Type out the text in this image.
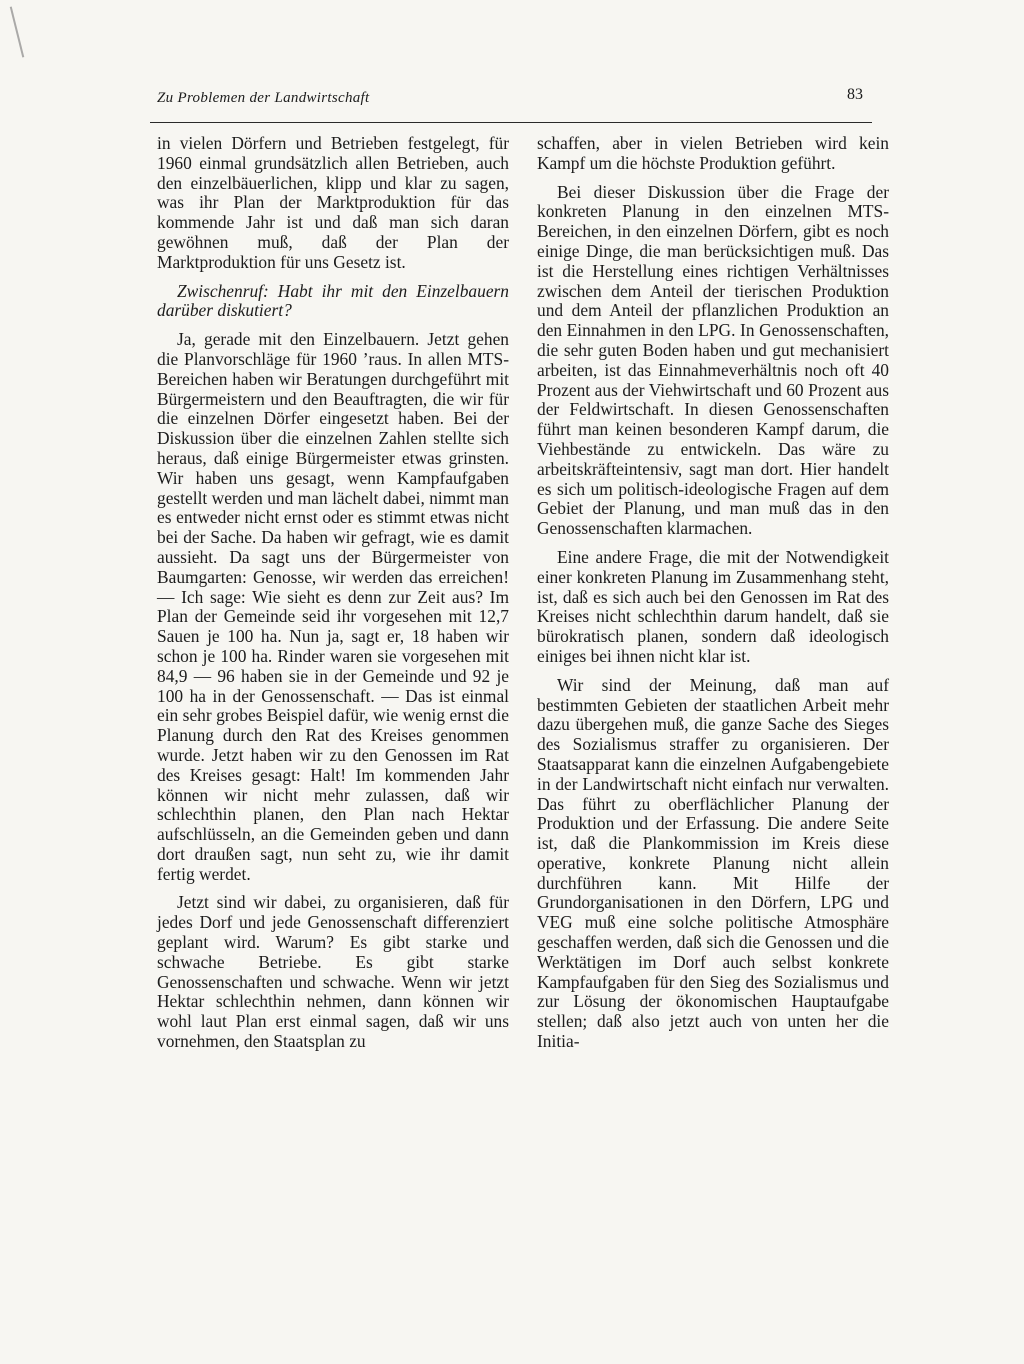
Zu Problemen der Landwirtschaft	83

in vielen Dörfern und Betrieben festgelegt, für 1960 einmal grundsätzlich allen Betrieben, auch den einzelbäuerlichen, klipp und klar zu sagen, was ihr Plan der Marktproduktion für das kommende Jahr ist und daß man sich daran gewöhnen muß, daß der Plan der Marktproduktion für uns Gesetz ist.

Zwischenruf: Habt ihr mit den Einzelbauern darüber diskutiert?

Ja, gerade mit den Einzelbauern. Jetzt gehen die Planvorschläge für 1960 ’raus. In allen MTS-Bereichen haben wir Beratungen durchgeführt mit Bürgermeistern und den Beauftragten, die wir für die einzelnen Dörfer eingesetzt haben. Bei der Diskussion über die einzelnen Zahlen stellte sich heraus, daß einige Bürgermeister etwas grinsten. Wir haben uns gesagt, wenn Kampfaufgaben gestellt werden und man lächelt dabei, nimmt man es entweder nicht ernst oder es stimmt etwas nicht bei der Sache. Da haben wir gefragt, wie es damit aussieht. Da sagt uns der Bürgermeister von Baumgarten: Genosse, wir werden das erreichen! — Ich sage: Wie sieht es denn zur Zeit aus? Im Plan der Gemeinde seid ihr vorgesehen mit 12,7 Sauen je 100 ha. Nun ja, sagt er, 18 haben wir schon je 100 ha. Rinder waren sie vorgesehen mit 84,9 — 96 haben sie in der Gemeinde und 92 je 100 ha in der Genossenschaft. — Das ist einmal ein sehr grobes Beispiel dafür, wie wenig ernst die Planung durch den Rat des Kreises genommen wurde. Jetzt haben wir zu den Genossen im Rat des Kreises gesagt: Halt! Im kommenden Jahr können wir nicht mehr zulassen, daß wir schlechthin planen, den Plan nach Hektar aufschlüsseln, an die Gemeinden geben und dann dort draußen sagt, nun seht zu, wie ihr damit fertig werdet.

Jetzt sind wir dabei, zu organisieren, daß für jedes Dorf und jede Genossenschaft differenziert geplant wird. Warum? Es gibt starke und schwache Betriebe. Es gibt starke Genossenschaften und schwache. Wenn wir jetzt Hektar schlechthin nehmen, dann können wir wohl laut Plan erst einmal sagen, daß wir uns vornehmen, den Staatsplan zu

schaffen, aber in vielen Betrieben wird kein Kampf um die höchste Produktion geführt.

Bei dieser Diskussion über die Frage der konkreten Planung in den einzelnen MTS-Bereichen, in den einzelnen Dörfern, gibt es noch einige Dinge, die man berücksichtigen muß. Das ist die Herstellung eines richtigen Verhältnisses zwischen dem Anteil der tierischen Produktion und dem Anteil der pflanzlichen Produktion an den Einnahmen in den LPG. In Genossenschaften, die sehr guten Boden haben und gut mechanisiert arbeiten, ist das Einnahmeverhältnis noch oft 40 Prozent aus der Viehwirtschaft und 60 Prozent aus der Feldwirtschaft. In diesen Genossenschaften führt man keinen besonderen Kampf darum, die Viehbestände zu entwickeln. Das wäre zu arbeitskräfteintensiv, sagt man dort. Hier handelt es sich um politisch-ideologische Fragen auf dem Gebiet der Planung, und man muß das in den Genossenschaften klarmachen.

Eine andere Frage, die mit der Notwendigkeit einer konkreten Planung im Zusammenhang steht, ist, daß es sich auch bei den Genossen im Rat des Kreises nicht schlechthin darum handelt, daß sie bürokratisch planen, sondern daß ideologisch einiges bei ihnen nicht klar ist.

Wir sind der Meinung, daß man auf bestimmten Gebieten der staatlichen Arbeit mehr dazu übergehen muß, die ganze Sache des Sieges des Sozialismus straffer zu organisieren. Der Staatsapparat kann die einzelnen Aufgabengebiete in der Landwirtschaft nicht einfach nur verwalten. Das führt zu oberflächlicher Planung der Produktion und der Erfassung. Die andere Seite ist, daß die Plankommission im Kreis diese operative, konkrete Planung nicht allein durchführen kann. Mit Hilfe der Grundorganisationen in den Dörfern, LPG und VEG muß eine solche politische Atmosphäre geschaffen werden, daß sich die Genossen und die Werktätigen im Dorf auch selbst konkrete Kampfaufgaben für den Sieg des Sozialismus und zur Lösung der ökonomischen Hauptaufgabe stellen; daß also jetzt auch von unten her die Initia-
